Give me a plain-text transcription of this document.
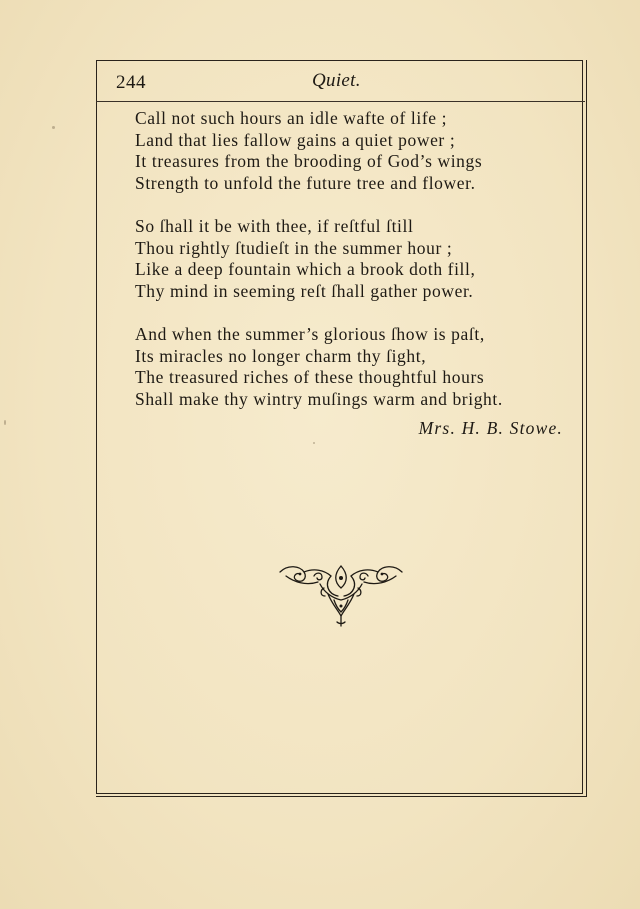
244	Quiet.
Call not such hours an idle wafte of life ;
Land that lies fallow gains a quiet power ;
It treasures from the brooding of God’s wings
Strength to unfold the future tree and flower.
So ſhall it be with thee, if reſtful ſtill
Thou rightly ſtudieſt in the summer hour ;
Like a deep fountain which a brook doth fill,
Thy mind in seeming reſt ſhall gather power.
And when the summer’s glorious ſhow is paſt,
Its miracles no longer charm thy ſight,
The treasured riches of these thoughtful hours
Shall make thy wintry muſings warm and bright.
Mrs. H. B. Stowe.
